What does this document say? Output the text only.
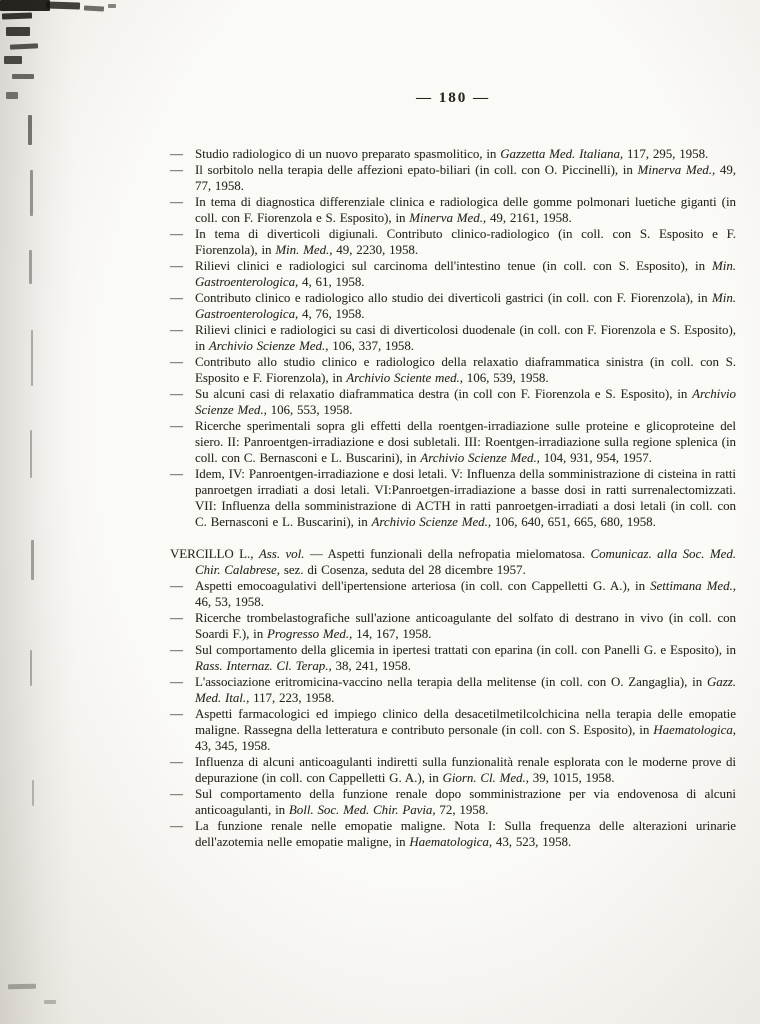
— 180 —

— Studio radiologico di un nuovo preparato spasmolitico, in Gazzetta Med. Italiana, 117, 295, 1958.

— Il sorbitolo nella terapia delle affezioni epato-biliari (in coll. con O. Piccinelli), in Minerva Med., 49, 77, 1958.

— In tema di diagnostica differenziale clinica e radiologica delle gomme polmonari luetiche giganti (in coll. con F. Fiorenzola e S. Esposito), in Minerva Med., 49, 2161, 1958.

— In tema di diverticoli digiunali. Contributo clinico-radiologico (in coll. con S. Esposito e F. Fiorenzola), in Min. Med., 49, 2230, 1958.

— Rilievi clinici e radiologici sul carcinoma dell'intestino tenue (in coll. con S. Esposito), in Min. Gastroenterologica, 4, 61, 1958.

— Contributo clinico e radiologico allo studio dei diverticoli gastrici (in coll. con F. Fiorenzola), in Min. Gastroenterologica, 4, 76, 1958.

— Rilievi clinici e radiologici su casi di diverticolosi duodenale (in coll. con F. Fiorenzola e S. Esposito), in Archivio Scienze Med., 106, 337, 1958.

— Contributo allo studio clinico e radiologico della relaxatio diaframmatica sinistra (in coll. con S. Esposito e F. Fiorenzola), in Archivio Sciente med., 106, 539, 1958.

— Su alcuni casi di relaxatio diaframmatica destra (in coll con F. Fiorenzola e S. Esposito), in Archivio Scienze Med., 106, 553, 1958.

— Ricerche sperimentali sopra gli effetti della roentgen-irradiazione sulle proteine e glicoproteine del siero. II: Panroentgen-irradiazione e dosi subletali. III: Roentgen-irradiazione sulla regione splenica (in coll. con C. Bernasconi e L. Buscarini), in Archivio Scienze Med., 104, 931, 954, 1957.

— Idem, IV: Panroentgen-irradiazione e dosi letali. V: Influenza della somministrazione di cisteina in ratti panroetgen irradiati a dosi letali. VI:Panroetgen-irradiazione a basse dosi in ratti surrenalectomizzati. VII: Influenza della somministrazione di ACTH in ratti panroetgen-irradiati a dosi letali (in coll. con C. Bernasconi e L. Buscarini), in Archivio Scienze Med., 106, 640, 651, 665, 680, 1958.

VERCILLO L., Ass. vol. — Aspetti funzionali della nefropatia mielomatosa. Comunicaz. alla Soc. Med. Chir. Calabrese, sez. di Cosenza, seduta del 28 dicembre 1957.

— Aspetti emocoagulativi dell'ipertensione arteriosa (in coll. con Cappelletti G. A.), in Settimana Med., 46, 53, 1958.

— Ricerche trombelastografiche sull'azione anticoagulante del solfato di destrano in vivo (in coll. con Soardi F.), in Progresso Med., 14, 167, 1958.

— Sul comportamento della glicemia in ipertesi trattati con eparina (in coll. con Panelli G. e Esposito), in Rass. Internaz. Cl. Terap., 38, 241, 1958.

— L'associazione eritromicina-vaccino nella terapia della melitense (in coll. con O. Zangaglia), in Gazz. Med. Ital., 117, 223, 1958.

— Aspetti farmacologici ed impiego clinico della desacetilmetilcolchicina nella terapia delle emopatie maligne. Rassegna della letteratura e contributo personale (in coll. con S. Esposito), in Haematologica, 43, 345, 1958.

— Influenza di alcuni anticoagulanti indiretti sulla funzionalità renale esplorata con le moderne prove di depurazione (in coll. con Cappelletti G. A.), in Giorn. Cl. Med., 39, 1015, 1958.

— Sul comportamento della funzione renale dopo somministrazione per via endovenosa di alcuni anticoagulanti, in Boll. Soc. Med. Chir. Pavia, 72, 1958.

— La funzione renale nelle emopatie maligne. Nota I: Sulla frequenza delle alterazioni urinarie dell'azotemia nelle emopatie maligne, in Haematologica, 43, 523, 1958.
